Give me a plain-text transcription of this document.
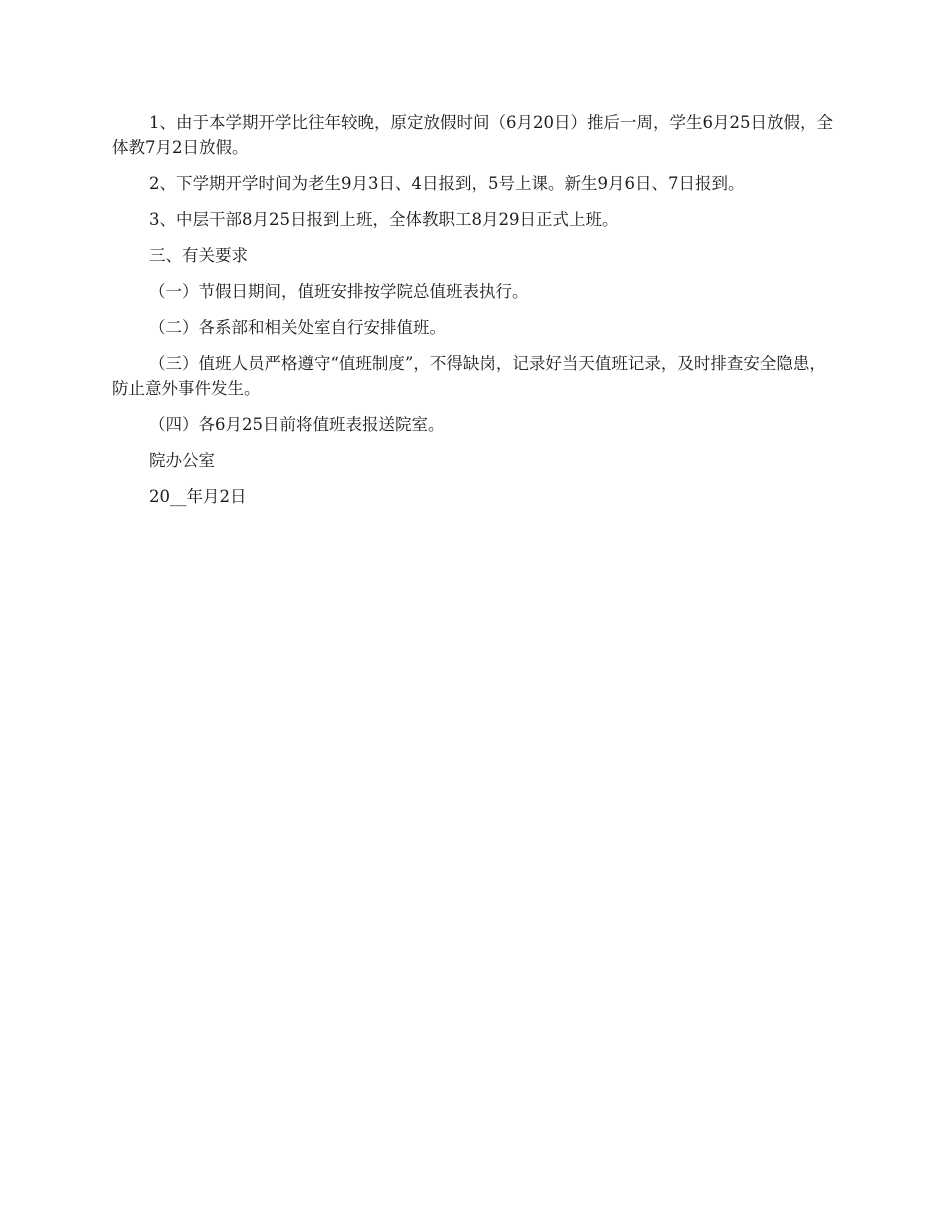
1、由于本学期开学比往年较晚，原定放假时间（6月20日）推后一周，学生6月25日放假，全体教7月2日放假。

2、下学期开学时间为老生9月3日、4日报到，5号上课。新生9月6日、7日报到。

3、中层干部8月25日报到上班，全体教职工8月29日正式上班。

三、有关要求

（一）节假日期间，值班安排按学院总值班表执行。

（二）各系部和相关处室自行安排值班。

（三）值班人员严格遵守“值班制度”，不得缺岗，记录好当天值班记录，及时排查安全隐患，防止意外事件发生。

（四）各6月25日前将值班表报送院室。

院办公室

20__年月2日
